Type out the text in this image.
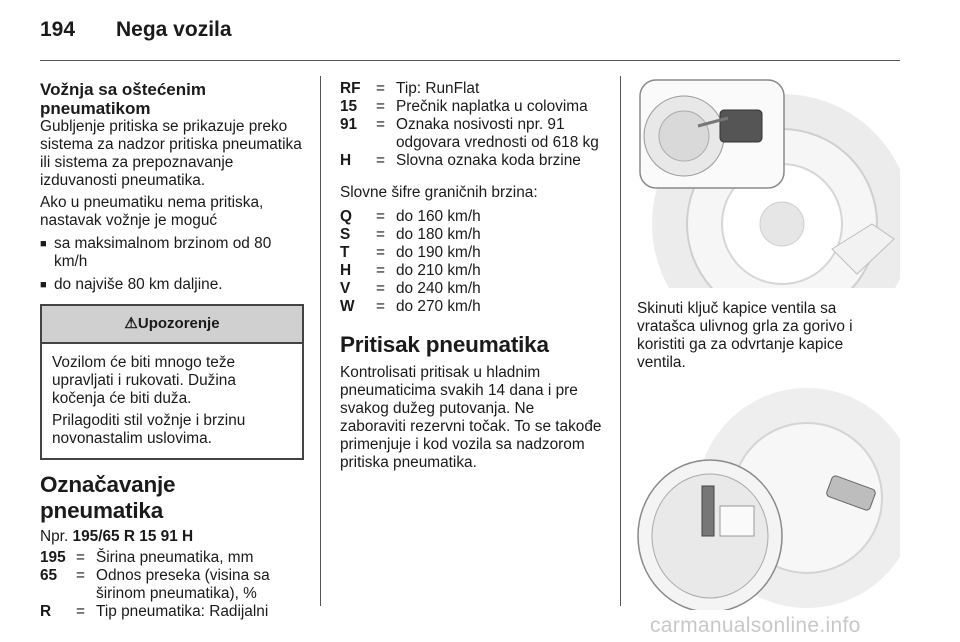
194 Nega vozila
Vožnja sa oštećenim pneumatikom

Gubljenje pritiska se prikazuje preko sistema za nadzor pritiska pneumatika ili sistema za prepoznavanje izduvanosti pneumatika.

Ako u pneumatiku nema pritiska, nastavak vožnje je moguć

■ sa maksimalnom brzinom od 80 km/h
■ do najviše 80 km daljine.
⚠Upozorenje

Vozilom će biti mnogo teže upravljati i rukovati. Dužina kočenja će biti duža.

Prilagoditi stil vožnje i brzinu novonastalim uslovima.

Označavanje pneumatika

Npr. 195/65 R 15 91 H

195 = Širina pneumatika, mm
65	= Odnos preseka (visina sa širinom pneumatika), %
R	= Tip pneumatika: Radijalni
RF	= Tip: RunFlat
15	= Prečnik naplatka u colovima
91	= Oznaka nosivosti npr. 91 odgovara vrednosti od 618 kg
H	= Slovna oznaka koda brzine

Slovne šifre graničnih brzina:

Q	= do 160 km/h
S	= do 180 km/h
T	= do 190 km/h
H	= do 210 km/h
V	= do 240 km/h
W	= do 270 km/h
Pritisak pneumatika

Kontrolisati pritisak u hladnim pneumaticima svakih 14 dana i pre svakog dužeg putovanja. Ne zaboraviti rezervni točak. To se takođe primenjuje i kod vozila sa nadzorom pritiska pneumatika.

Skinuti ključ kapice ventila sa vratašca ulivnog grla za gorivo i koristiti ga za odvrtanje kapice ventila.

carmanualsonline.info
